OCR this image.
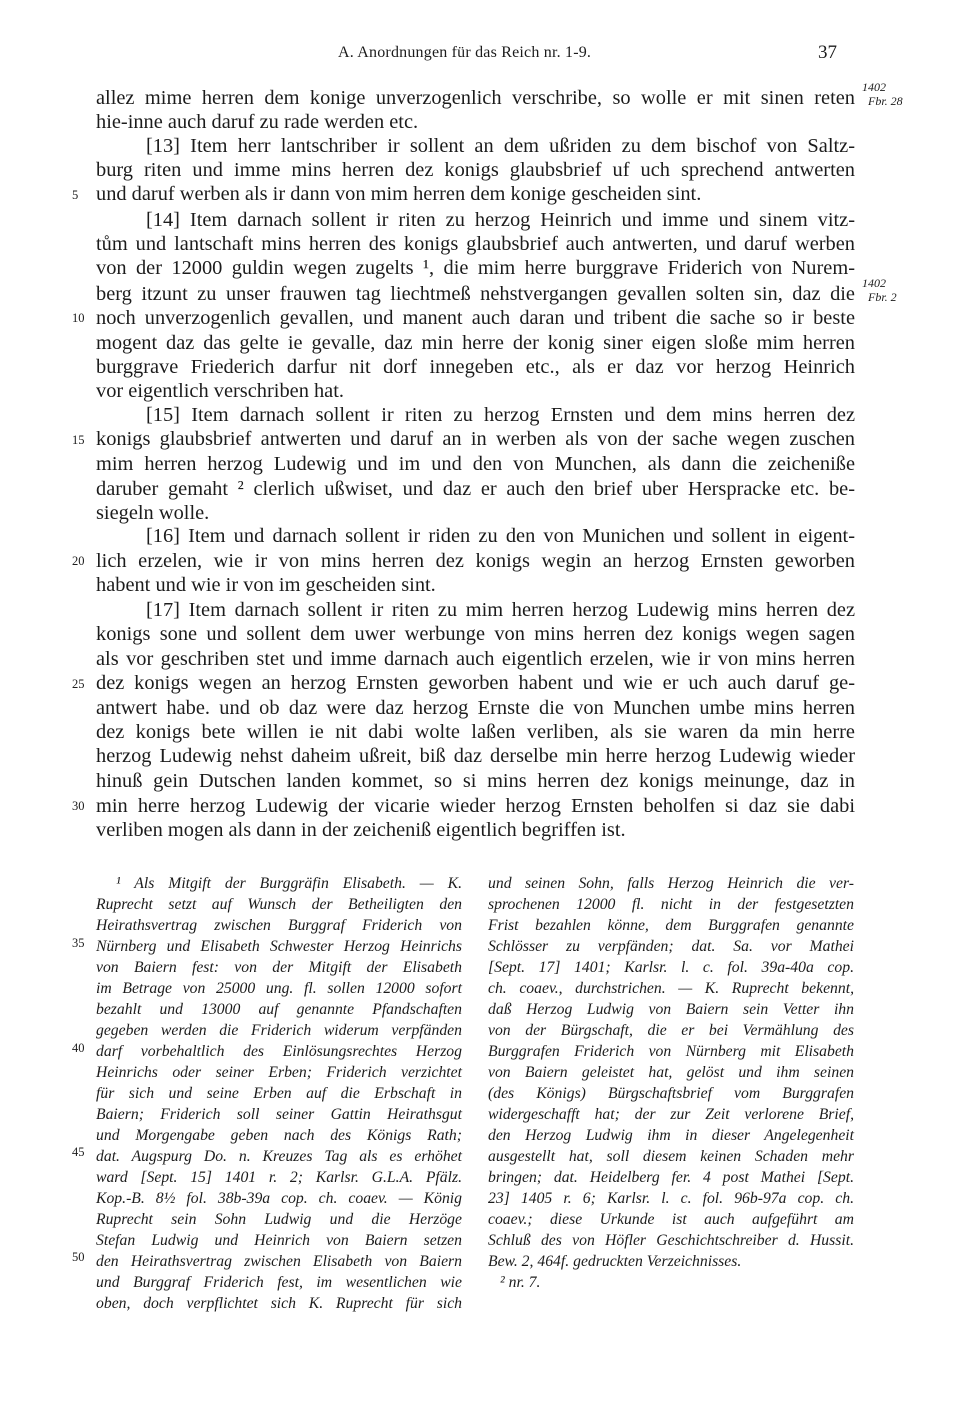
A. Anordnungen für das Reich nr. 1-9.	37
allez mime herren dem konige unverzogenlich verschribe, so wolle er mit sinen reten
hie-inne auch daruf zu rade werden etc.
[13] Item herr lantschriber ir sollent an dem ußriden zu dem bischof von Saltz-
burg riten und imme mins herren dez konigs glaubsbrief uf uch sprechend antwerten
und daruf werben als ir dann von mim herren dem konige gescheiden sint.
[14] Item darnach sollent ir riten zu herzog Heinrich und imme und sinem vitz-
tům und lantschaft mins herren des konigs glaubsbrief auch antwerten, und daruf werben
von der 12000 guldin wegen zugelts ¹, die mim herre burggrave Friderich von Nurem-
berg itzunt zu unser frauwen tag liechtmeß nehstvergangen gevallen solten sin, daz die
noch unverzogenlich gevallen, und manent auch daran und tribent die sache so ir beste
mogent daz das gelte ie gevalle, daz min herre der konig siner eigen sloße mim herren
burggrave Friederich darfur nit dorf innegeben etc., als er daz vor herzog Heinrich
vor eigentlich verschriben hat.
[15] Item darnach sollent ir riten zu herzog Ernsten und dem mins herren dez
konigs glaubsbrief antwerten und daruf an in werben als von der sache wegen zuschen
mim herren herzog Ludewig und im und den von Munchen, als dann die zeicheniße
daruber gemaht ² clerlich ußwiset, und daz er auch den brief uber Herspracke etc. be-
siegeln wolle.
[16] Item und darnach sollent ir riden zu den von Munichen und sollent in eigent-
lich erzelen, wie ir von mins herren dez konigs wegin an herzog Ernsten geworben
habent und wie ir von im gescheiden sint.
[17] Item darnach sollent ir riten zu mim herren herzog Ludewig mins herren dez
konigs sone und sollent dem uwer werbunge von mins herren dez konigs wegen sagen
als vor geschriben stet und imme darnach auch eigentlich erzelen, wie ir von mins herren
dez konigs wegen an herzog Ernsten geworben habent und wie er uch auch daruf ge-
antwert habe. und ob daz were daz herzog Ernste die von Munchen umbe mins herren
dez konigs bete willen ie nit dabi wolte laßen verliben, als sie waren da min herre
herzog Ludewig nehst daheim ußreit, biß daz derselbe min herre herzog Ludewig wieder
hinuß gein Dutschen landen kommet, so si mins herren dez konigs meinunge, daz in
min herre herzog Ludewig der vicarie wieder herzog Ernsten beholfen si daz sie dabi
verliben mogen als dann in der zeicheniß eigentlich begriffen ist.
5
10
15
20
25
30
35
40
45
50
1402
Fbr. 28
1402
Fbr. 2
¹ Als Mitgift der Burggräfin Elisabeth. — K.
Ruprecht setzt auf Wunsch der Betheiligten den
Heirathsvertrag zwischen Burggraf Friderich von
Nürnberg und Elisabeth Schwester Herzog Heinrichs
von Baiern fest: von der Mitgift der Elisabeth
im Betrage von 25000 ung. fl. sollen 12000 sofort
bezahlt und 13000 auf genannte Pfandschaften
gegeben werden die Friderich widerum verpfänden
darf vorbehaltlich des Einlösungsrechtes Herzog
Heinrichs oder seiner Erben; Friderich verzichtet
für sich und seine Erben auf die Erbschaft in
Baiern; Friderich soll seiner Gattin Heirathsgut
und Morgengabe geben nach des Königs Rath;
dat. Augspurg Do. n. Kreuzes Tag als es erhöhet
ward [Sept. 15] 1401 r. 2; Karlsr. G.L.A. Pfälz.
Kop.-B. 8½ fol. 38b-39a cop. ch. coaev. — König
Ruprecht sein Sohn Ludwig und die Herzöge
Stefan Ludwig und Heinrich von Baiern setzen
den Heirathsvertrag zwischen Elisabeth von Baiern
und Burggraf Friderich fest, im wesentlichen wie
oben, doch verpflichtet sich K. Ruprecht für sich
und seinen Sohn, falls Herzog Heinrich die ver-
sprochenen 12000 fl. nicht in der festgesetzten
Frist bezahlen könne, dem Burggrafen genannte
Schlösser zu verpfänden; dat. Sa. vor Mathei
[Sept. 17] 1401; Karlsr. l. c. fol. 39a-40a cop.
ch. coaev., durchstrichen. — K. Ruprecht bekennt,
daß Herzog Ludwig von Baiern sein Vetter ihn
von der Bürgschaft, die er bei Vermählung des
Burggrafen Friderich von Nürnberg mit Elisabeth
von Baiern geleistet hat, gelöst und ihm seinen
(des Königs) Bürgschaftsbrief vom Burggrafen
widergeschafft hat; der zur Zeit verlorene Brief,
den Herzog Ludwig ihm in dieser Angelegenheit
ausgestellt hat, soll diesem keinen Schaden mehr
bringen; dat. Heidelberg fer. 4 post Mathei [Sept.
23] 1405 r. 6; Karlsr. l. c. fol. 96b-97a cop. ch.
coaev.; diese Urkunde ist auch aufgeführt am
Schluß des von Höfler Geschichtschreiber d. Hussit.
Bew. 2, 464f. gedruckten Verzeichnisses.
² nr. 7.
